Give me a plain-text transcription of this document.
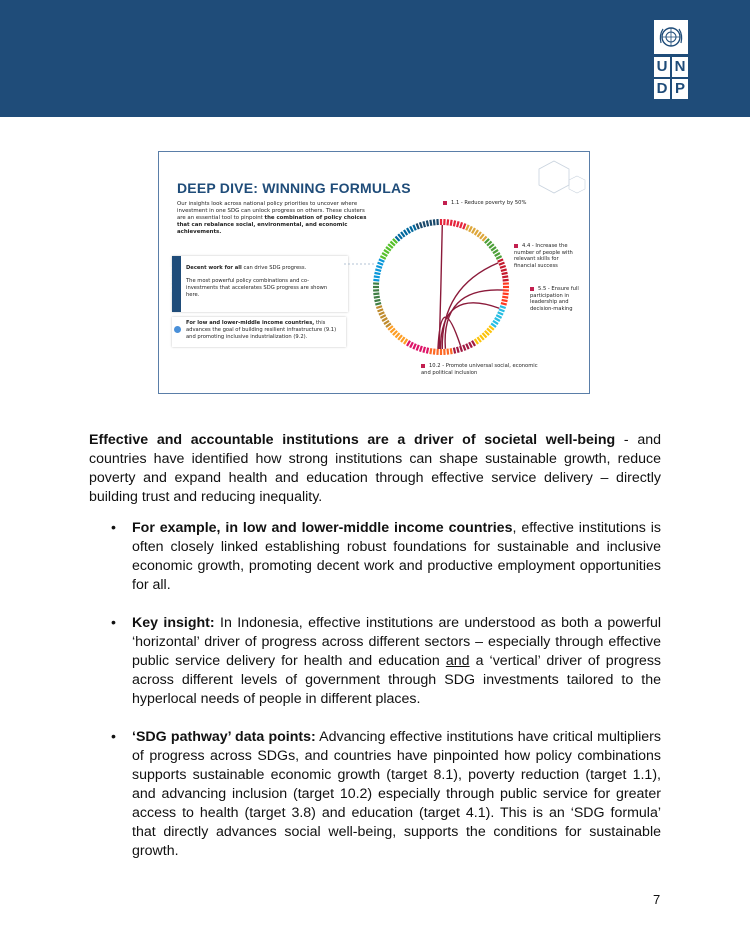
U N
D P
DEEP DIVE: WINNING FORMULAS
Our insights look across national policy priorities to uncover where investment in one SDG can unlock progress on others. These clusters are an essential tool to pinpoint the combination of policy choices that can rebalance social, environmental, and economic achievements.
SDG PATHWAY	Decent work for all can drive SDG progress.
The most powerful policy combinations and co-investments that accelerates SDG progress are shown here.
For low and lower-middle income countries, this advances the goal of building resilient infrastructure (9.1) and promoting inclusive industrialization (9.2).
1.1 - Reduce poverty by 50%
4.4 - Increase the number of people with relevant skills for financial success
5.5 - Ensure full participation in leadership and decision-making
10.2 - Promote universal social, economic and political inclusion
Effective and accountable institutions are a driver of societal well-being - and countries have identified how strong institutions can shape sustainable growth, reduce poverty and expand health and education through effective service delivery – directly building trust and reducing inequality.
• For example, in low and lower-middle income countries, effective institutions is often closely linked establishing robust foundations for sustainable and inclusive economic growth, promoting decent work and productive employment opportunities for all.
• Key insight: In Indonesia, effective institutions are understood as both a powerful ‘horizontal’ driver of progress across different sectors – especially through effective public service delivery for health and education and a ‘vertical’ driver of progress across different levels of government through SDG investments tailored to the hyperlocal needs of people in different places.
• ‘SDG pathway’ data points: Advancing effective institutions have critical multipliers of progress across SDGs, and countries have pinpointed how policy combinations supports sustainable economic growth (target 8.1), poverty reduction (target 1.1), and advancing inclusion (target 10.2) especially through public service for greater access to health (target 3.8) and education (target 4.1). This is an ‘SDG formula’ that directly advances social well-being, supports the conditions for sustainable growth.
7
